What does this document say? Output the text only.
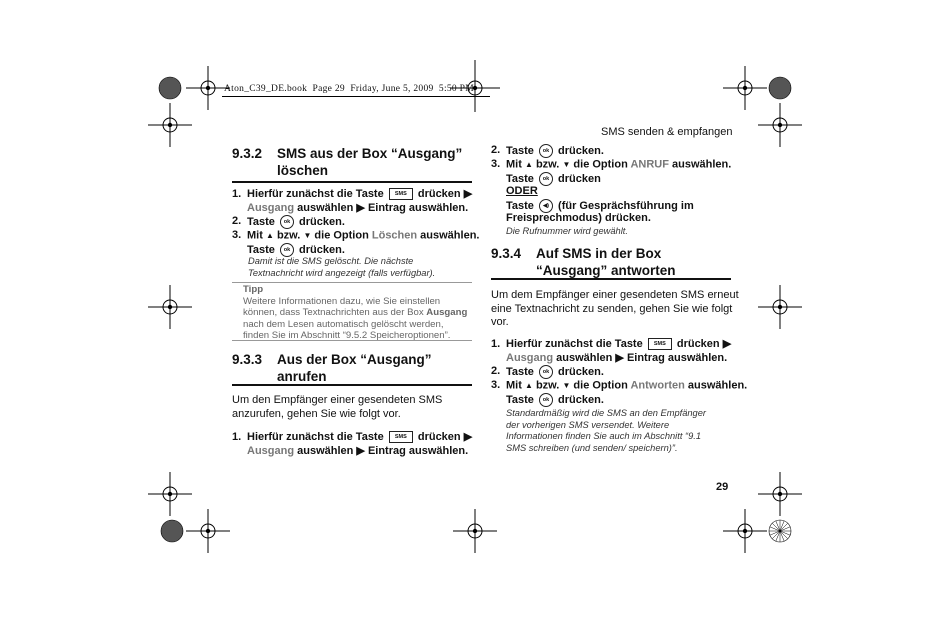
Aton_C39_DE.book  Page 29  Friday, June 5, 2009  5:50 PM
SMS senden & empfangen
9.3.2 SMS aus der Box “Ausgang” löschen
1. Hierfür zunächst die Taste SMS drücken ▶
Ausgang auswählen ▶ Eintrag auswählen.
2. Taste ok drücken.
3. Mit ▲ bzw. ▼ die Option Löschen auswählen.
Taste ok drücken.
Damit ist die SMS gelöscht. Die nächste
Textnachricht wird angezeigt (falls verfügbar).
Tipp
Weitere Informationen dazu, wie Sie einstellen
können, dass Textnachrichten aus der Box Ausgang
nach dem Lesen automatisch gelöscht werden,
finden Sie im Abschnitt “9.5.2 Speicheroptionen”.
9.3.3 Aus der Box “Ausgang” anrufen
Um den Empfänger einer gesendeten SMS
anzurufen, gehen Sie wie folgt vor.
1. Hierfür zunächst die Taste SMS drücken ▶
Ausgang auswählen ▶ Eintrag auswählen.
2. Taste ok drücken.
3. Mit ▲ bzw. ▼ die Option ANRUF auswählen.
Taste ok drücken
ODER
Taste ◀) (für Gesprächsführung im
Freisprechmodus) drücken.
Die Rufnummer wird gewählt.
9.3.4 Auf SMS in der Box “Ausgang” antworten
Um dem Empfänger einer gesendeten SMS erneut
eine Textnachricht zu senden, gehen Sie wie folgt
vor.
1. Hierfür zunächst die Taste SMS drücken ▶
Ausgang auswählen ▶ Eintrag auswählen.
2. Taste ok drücken.
3. Mit ▲ bzw. ▼ die Option Antworten auswählen.
Taste ok drücken.
Standardmäßig wird die SMS an den Empfänger
der vorherigen SMS versendet. Weitere
Informationen finden Sie auch im Abschnitt “9.1
SMS schreiben (und senden/ speichern)”.
29
